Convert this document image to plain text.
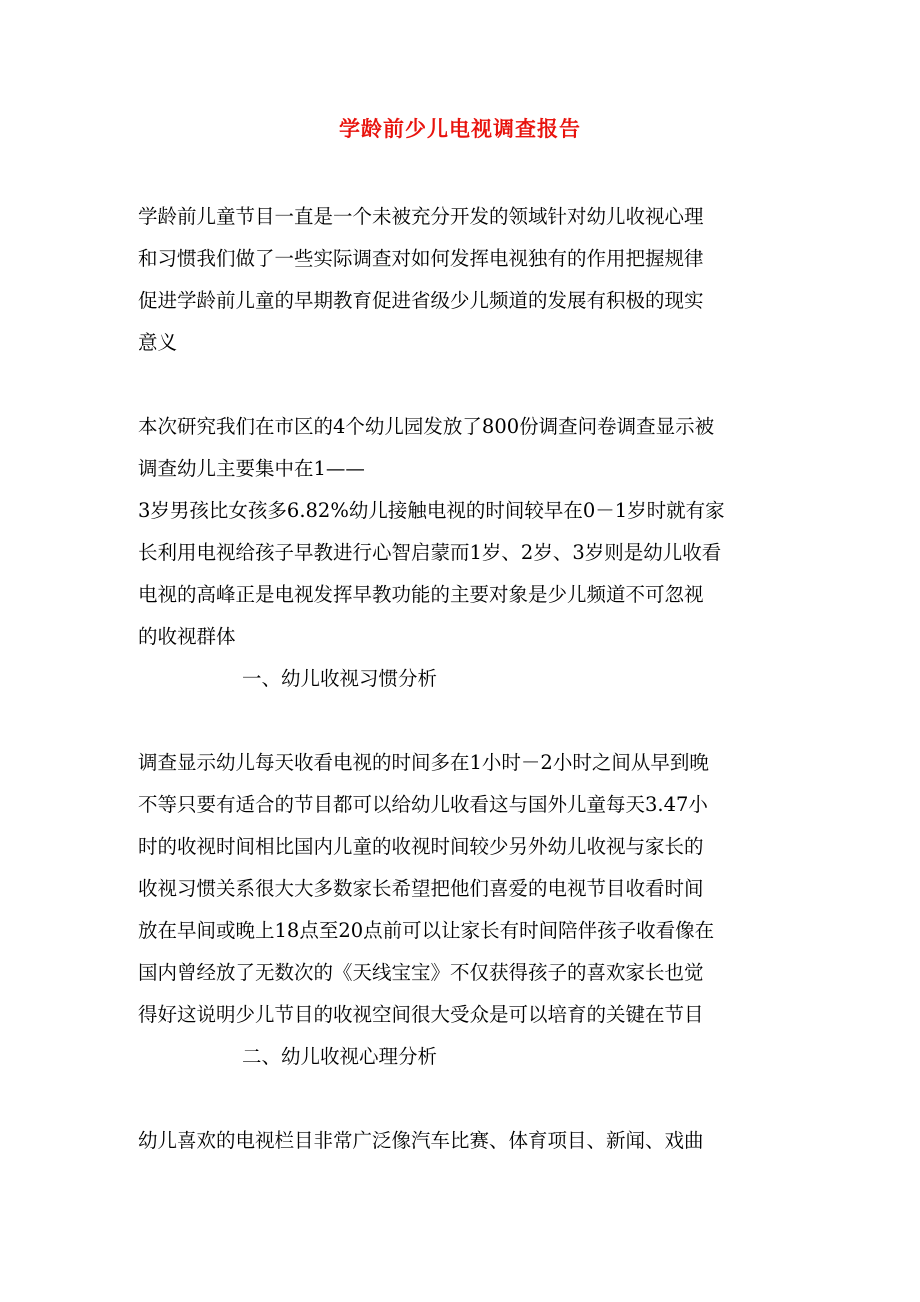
学龄前少儿电视调查报告
学龄前儿童节目一直是一个未被充分开发的领域针对幼儿收视心理
和习惯我们做了一些实际调查对如何发挥电视独有的作用把握规律
促进学龄前儿童的早期教育促进省级少儿频道的发展有积极的现实
意义
本次研究我们在市区的4个幼儿园发放了800份调查问卷调查显示被
调查幼儿主要集中在1——
3岁男孩比女孩多6.82%幼儿接触电视的时间较早在0－1岁时就有家
长利用电视给孩子早教进行心智启蒙而1岁、2岁、3岁则是幼儿收看
电视的高峰正是电视发挥早教功能的主要对象是少儿频道不可忽视
的收视群体
一、幼儿收视习惯分析
调查显示幼儿每天收看电视的时间多在1小时－2小时之间从早到晚
不等只要有适合的节目都可以给幼儿收看这与国外儿童每天3.47小
时的收视时间相比国内儿童的收视时间较少另外幼儿收视与家长的
收视习惯关系很大大多数家长希望把他们喜爱的电视节目收看时间
放在早间或晚上18点至20点前可以让家长有时间陪伴孩子收看像在
国内曾经放了无数次的《天线宝宝》不仅获得孩子的喜欢家长也觉
得好这说明少儿节目的收视空间很大受众是可以培育的关键在节目
二、幼儿收视心理分析
幼儿喜欢的电视栏目非常广泛像汽车比赛、体育项目、新闻、戏曲
